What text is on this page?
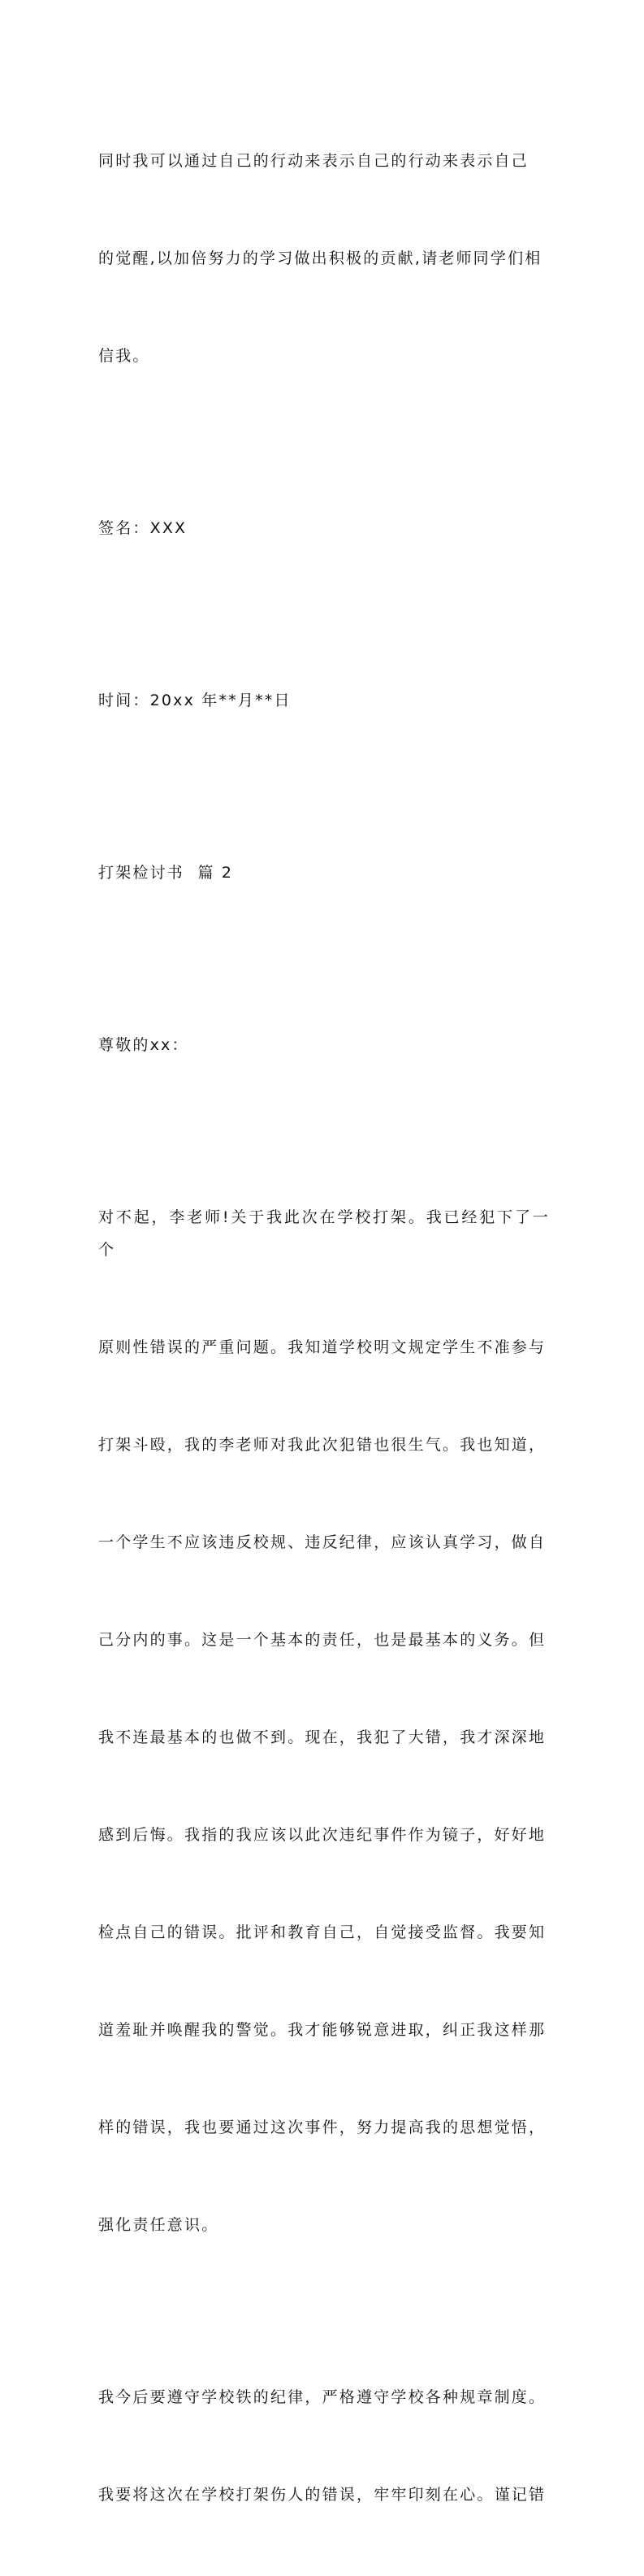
同时我可以通过自己的行动来表示自己的行动来表示自己

的觉醒,以加倍努力的学习做出积极的贡献,请老师同学们相

信我。

签名：XXX

时间：20xx 年**月**日

打架检讨书  篇 2

尊敬的xx：

对不起，李老师!关于我此次在学校打架。我已经犯下了一个

原则性错误的严重问题。我知道学校明文规定学生不准参与

打架斗殴，我的李老师对我此次犯错也很生气。我也知道，

一个学生不应该违反校规、违反纪律，应该认真学习，做自

己分内的事。这是一个基本的责任，也是最基本的义务。但

我不连最基本的也做不到。现在，我犯了大错，我才深深地

感到后悔。我指的我应该以此次违纪事件作为镜子，好好地

检点自己的错误。批评和教育自己，自觉接受监督。我要知

道羞耻并唤醒我的警觉。我才能够锐意进取，纠正我这样那

样的错误，我也要通过这次事件，努力提高我的思想觉悟，

强化责任意识。

我今后要遵守学校铁的纪律，严格遵守学校各种规章制度。

我要将这次在学校打架伤人的错误，牢牢印刻在心。谨记错
